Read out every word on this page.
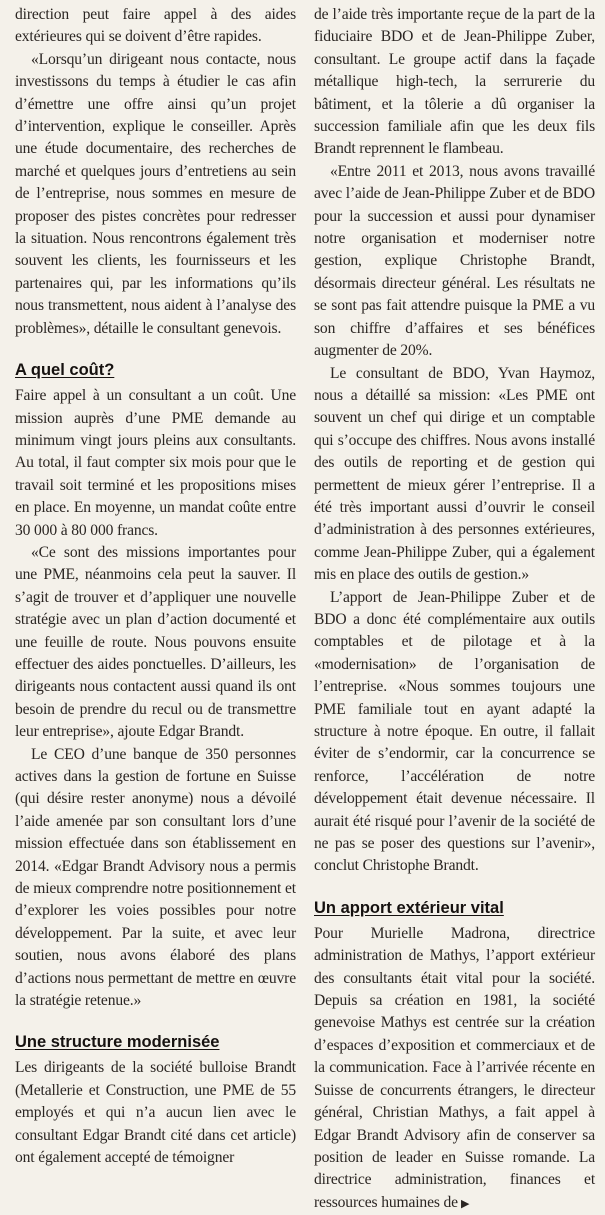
direction peut faire appel à des aides extérieures qui se doivent d’être rapides.

«Lorsqu’un dirigeant nous contacte, nous investissons du temps à étudier le cas afin d’émettre une offre ainsi qu’un projet d’intervention, explique le conseiller. Après une étude documentaire, des recherches de marché et quelques jours d’entretiens au sein de l’entreprise, nous sommes en mesure de proposer des pistes concrètes pour redresser la situation. Nous rencontrons également très souvent les clients, les fournisseurs et les partenaires qui, par les informations qu’ils nous transmettent, nous aident à l’analyse des problèmes», détaille le consultant genevois.

A quel coût?

Faire appel à un consultant a un coût. Une mission auprès d’une PME demande au minimum vingt jours pleins aux consultants. Au total, il faut compter six mois pour que le travail soit terminé et les propositions mises en place. En moyenne, un mandat coûte entre 30 000 à 80 000 francs.

«Ce sont des missions importantes pour une PME, néanmoins cela peut la sauver. Il s’agit de trouver et d’appliquer une nouvelle stratégie avec un plan d’action documenté et une feuille de route. Nous pouvons ensuite effectuer des aides ponctuelles. D’ailleurs, les dirigeants nous contactent aussi quand ils ont besoin de prendre du recul ou de transmettre leur entreprise», ajoute Edgar Brandt.

Le CEO d’une banque de 350 personnes actives dans la gestion de fortune en Suisse (qui désire rester anonyme) nous a dévoilé l’aide amenée par son consultant lors d’une mission effectuée dans son établissement en 2014. «Edgar Brandt Advisory nous a permis de mieux comprendre notre positionnement et d’explorer les voies possibles pour notre développement. Par la suite, et avec leur soutien, nous avons élaboré des plans d’actions nous permettant de mettre en œuvre la stratégie retenue.»

Une structure modernisée

Les dirigeants de la société bulloise Brandt (Metallerie et Construction, une PME de 55 employés et qui n’a aucun lien avec le consultant Edgar Brandt cité dans cet article) ont également accepté de témoigner

de l’aide très importante reçue de la part de la fiduciaire BDO et de Jean-Philippe Zuber, consultant. Le groupe actif dans la façade métallique high-tech, la serrurerie du bâtiment, et la tôlerie a dû organiser la succession familiale afin que les deux fils Brandt reprennent le flambeau.

«Entre 2011 et 2013, nous avons travaillé avec l’aide de Jean-Philippe Zuber et de BDO pour la succession et aussi pour dynamiser notre organisation et moderniser notre gestion, explique Christophe Brandt, désormais directeur général. Les résultats ne se sont pas fait attendre puisque la PME a vu son chiffre d’affaires et ses bénéfices augmenter de 20%.

Le consultant de BDO, Yvan Haymoz, nous a détaillé sa mission: «Les PME ont souvent un chef qui dirige et un comptable qui s’occupe des chiffres. Nous avons installé des outils de reporting et de gestion qui permettent de mieux gérer l’entreprise. Il a été très important aussi d’ouvrir le conseil d’administration à des personnes extérieures, comme Jean-Philippe Zuber, qui a également mis en place des outils de gestion.»

L’apport de Jean-Philippe Zuber et de BDO a donc été complémentaire aux outils comptables et de pilotage et à la «modernisation» de l’organisation de l’entreprise. «Nous sommes toujours une PME familiale tout en ayant adapté la structure à notre époque. En outre, il fallait éviter de s’endormir, car la concurrence se renforce, l’accélération de notre développement était devenue nécessaire. Il aurait été risqué pour l’avenir de la société de ne pas se poser des questions sur l’avenir», conclut Christophe Brandt.

Un apport extérieur vital

Pour Murielle Madrona, directrice administration de Mathys, l’apport extérieur des consultants était vital pour la société. Depuis sa création en 1981, la société genevoise Mathys est centrée sur la création d’espaces d’exposition et commerciaux et de la communication. Face à l’arrivée récente en Suisse de concurrents étrangers, le directeur général, Christian Mathys, a fait appel à Edgar Brandt Advisory afin de conserver sa position de leader en Suisse romande. La directrice administration, finances et ressources humaines de ▶
